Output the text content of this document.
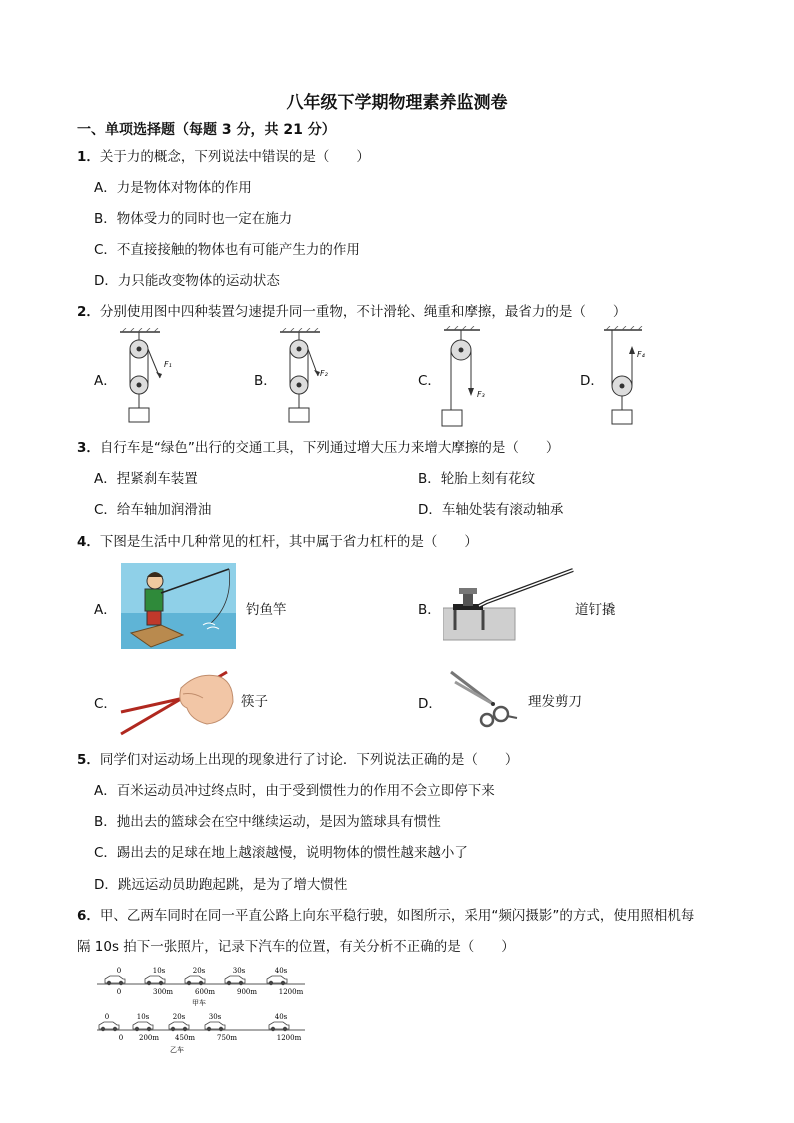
八年级下学期物理素养监测卷
一、单项选择题（每题 3 分，共 21 分）
1．关于力的概念，下列说法中错误的是（　　）
A．力是物体对物体的作用
B．物体受力的同时也一定在施力
C．不直接接触的物体也有可能产生力的作用
D．力只能改变物体的运动状态
2．分别使用图中四种装置匀速提升同一重物，不计滑轮、绳重和摩擦，最省力的是（　　）
A．	B．	C．	D．
F₁
F₂
F₃
F₄
3．自行车是“绿色”出行的交通工具，下列通过增大压力来增大摩擦的是（　　）
A．捏紧刹车装置	B．轮胎上刻有花纹
C．给车轴加润滑油	D．车轴处装有滚动轴承
4．下图是生活中几种常见的杠杆，其中属于省力杠杆的是（　　）
A．	B．
C．	D．
钓鱼竿	道钉撬
筷子	理发剪刀
5．同学们对运动场上出现的现象进行了讨论．下列说法正确的是（　　）
A．百米运动员冲过终点时，由于受到惯性力的作用不会立即停下来
B．抛出去的篮球会在空中继续运动，是因为篮球具有惯性
C．踢出去的足球在地上越滚越慢，说明物体的惯性越来越小了
D．跳远运动员助跑起跳，是为了增大惯性
6．甲、乙两车同时在同一平直公路上向东平稳行驶，如图所示，采用“频闪摄影”的方式，使用照相机每
隔 10s 拍下一张照片，记录下汽车的位置，有关分析不正确的是（　　）
0	10s	20s	30s	40s
0	300m	600m	900m	1200m
甲车
0	10s	20s	30s	40s
0 200m 450m	750m	1200m
乙车
